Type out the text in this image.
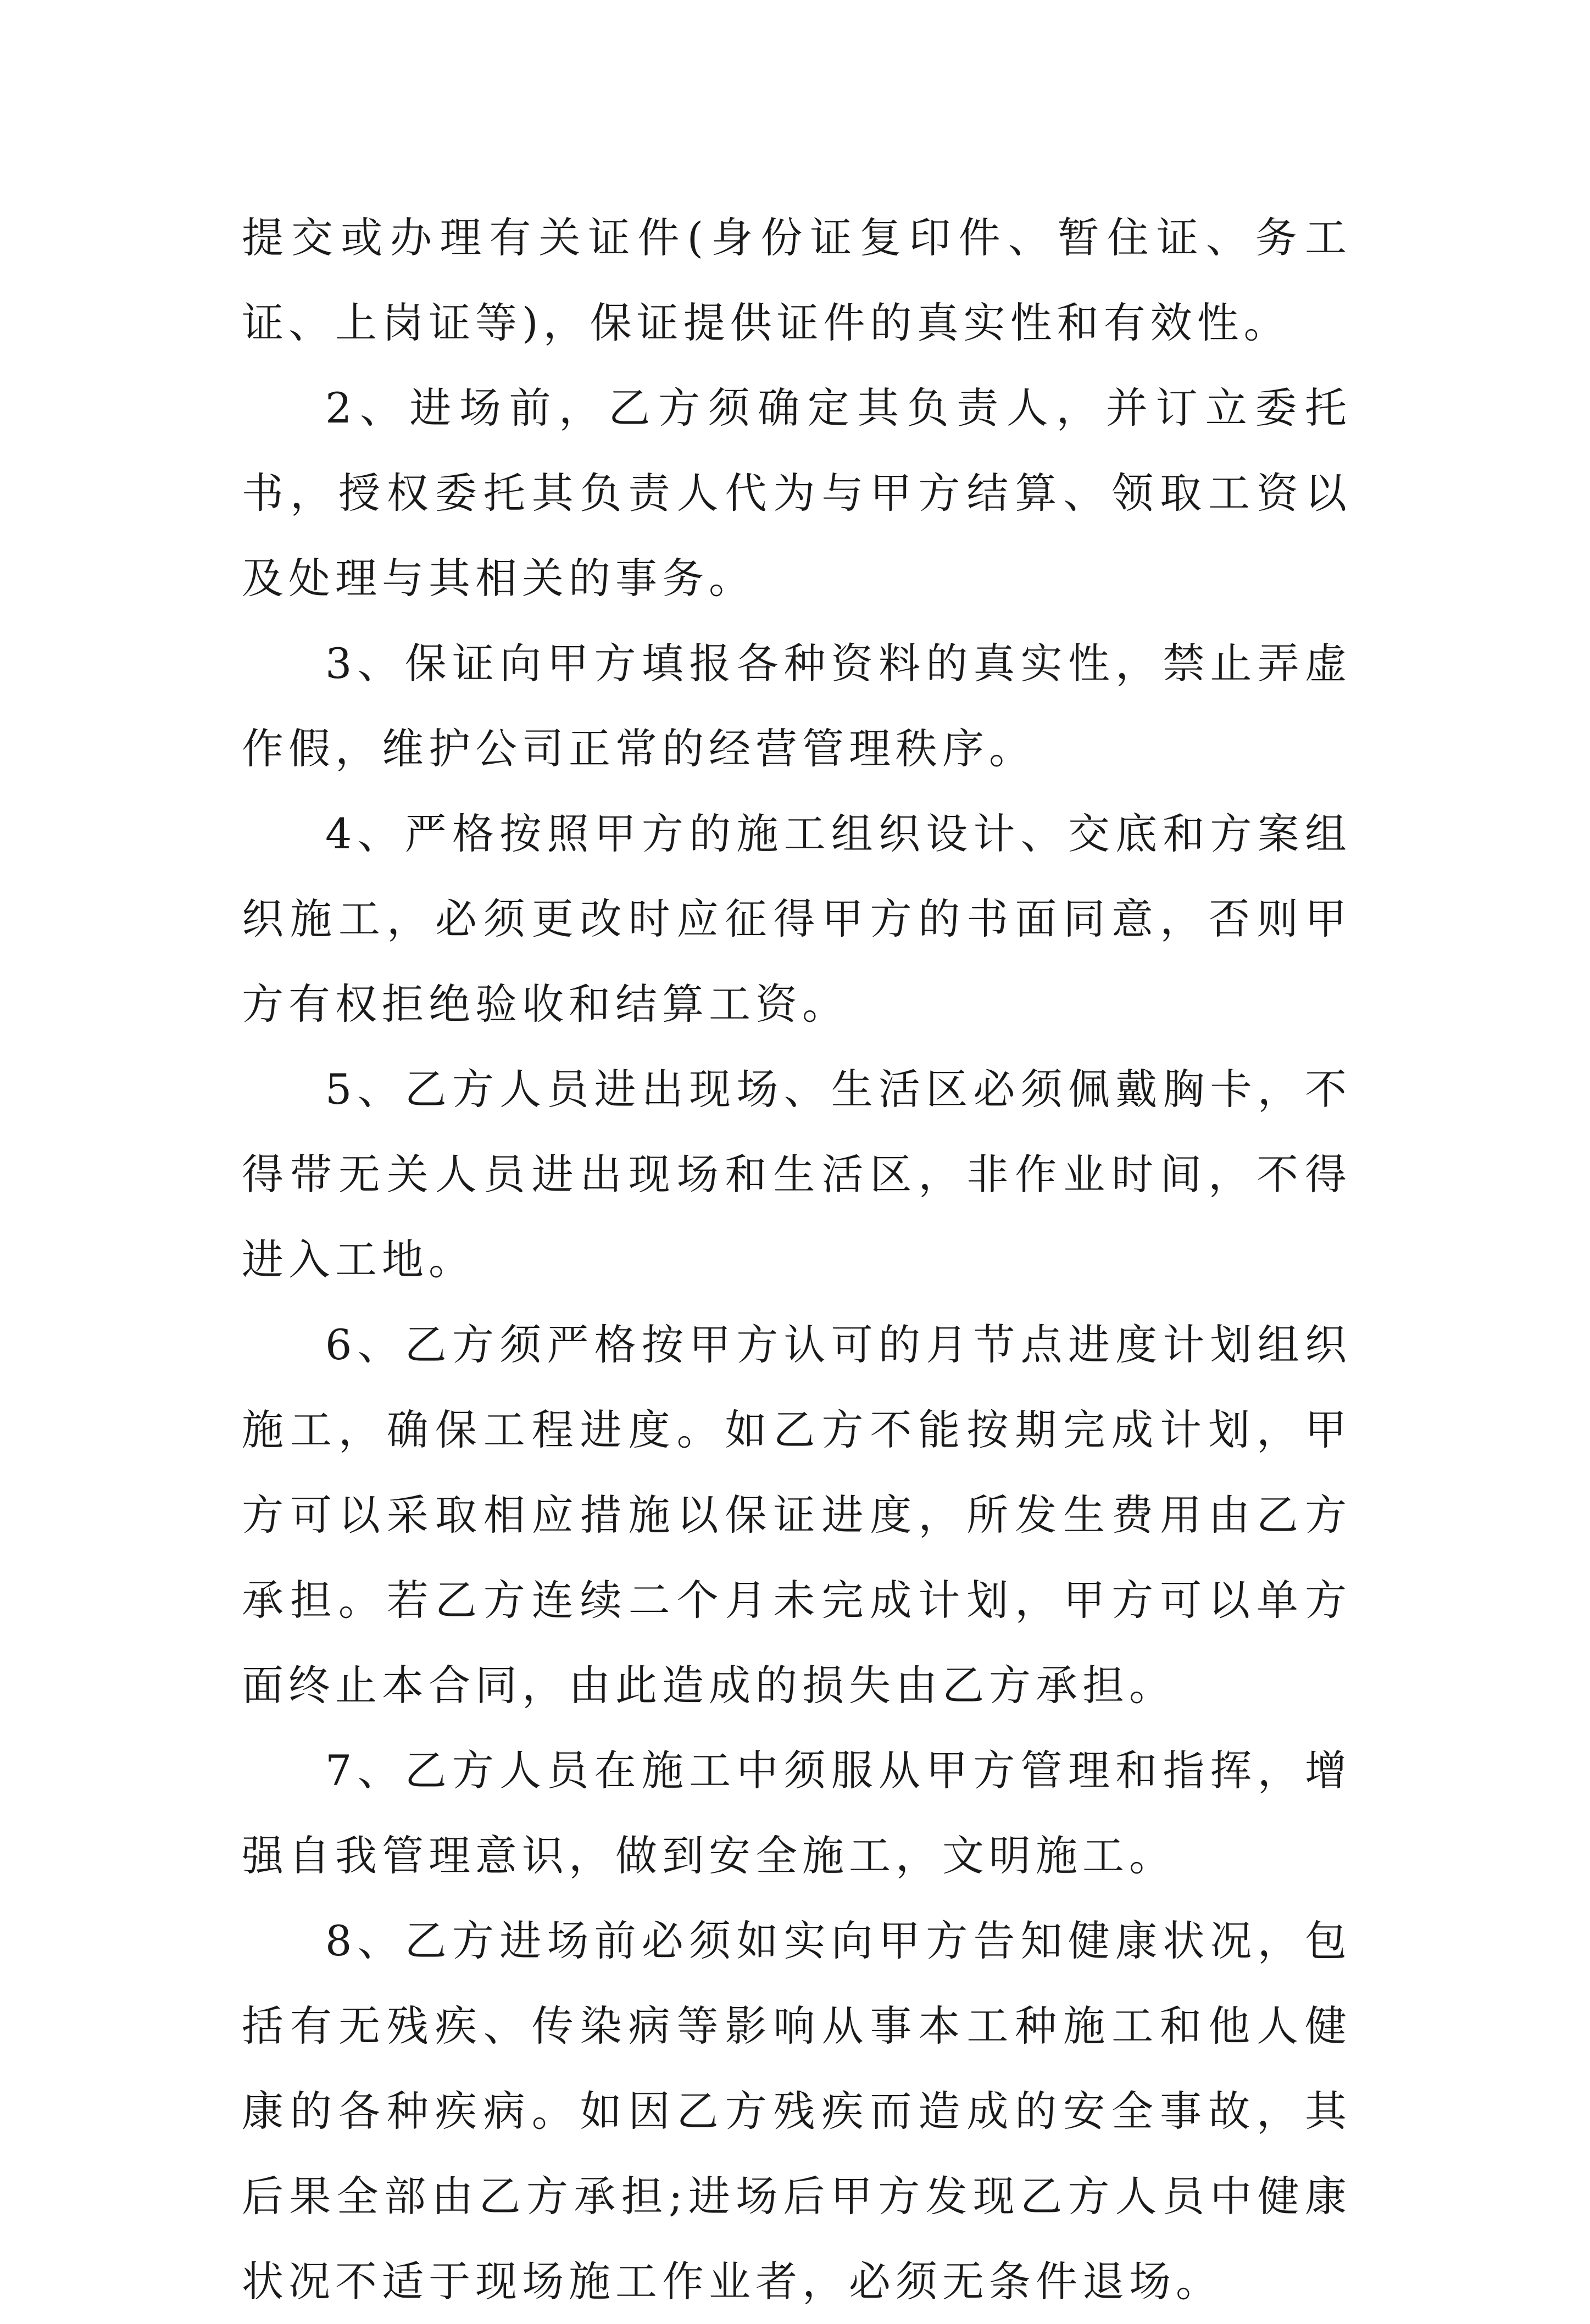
提交或办理有关证件(身份证复印件、暂住证、务工证、上岗证等)，保证提供证件的真实性和有效性。

2、进场前，乙方须确定其负责人，并订立委托书，授权委托其负责人代为与甲方结算、领取工资以及处理与其相关的事务。

3、保证向甲方填报各种资料的真实性，禁止弄虚作假，维护公司正常的经营管理秩序。

4、严格按照甲方的施工组织设计、交底和方案组织施工，必须更改时应征得甲方的书面同意，否则甲方有权拒绝验收和结算工资。

5、乙方人员进出现场、生活区必须佩戴胸卡，不得带无关人员进出现场和生活区，非作业时间，不得进入工地。

6、乙方须严格按甲方认可的月节点进度计划组织施工，确保工程进度。如乙方不能按期完成计划，甲方可以采取相应措施以保证进度，所发生费用由乙方承担。若乙方连续二个月未完成计划，甲方可以单方面终止本合同，由此造成的损失由乙方承担。

7、乙方人员在施工中须服从甲方管理和指挥，增强自我管理意识，做到安全施工，文明施工。

8、乙方进场前必须如实向甲方告知健康状况，包括有无残疾、传染病等影响从事本工种施工和他人健康的各种疾病。如因乙方残疾而造成的安全事故，其后果全部由乙方承担;进场后甲方发现乙方人员中健康状况不适于现场施工作业者，必须无条件退场。
